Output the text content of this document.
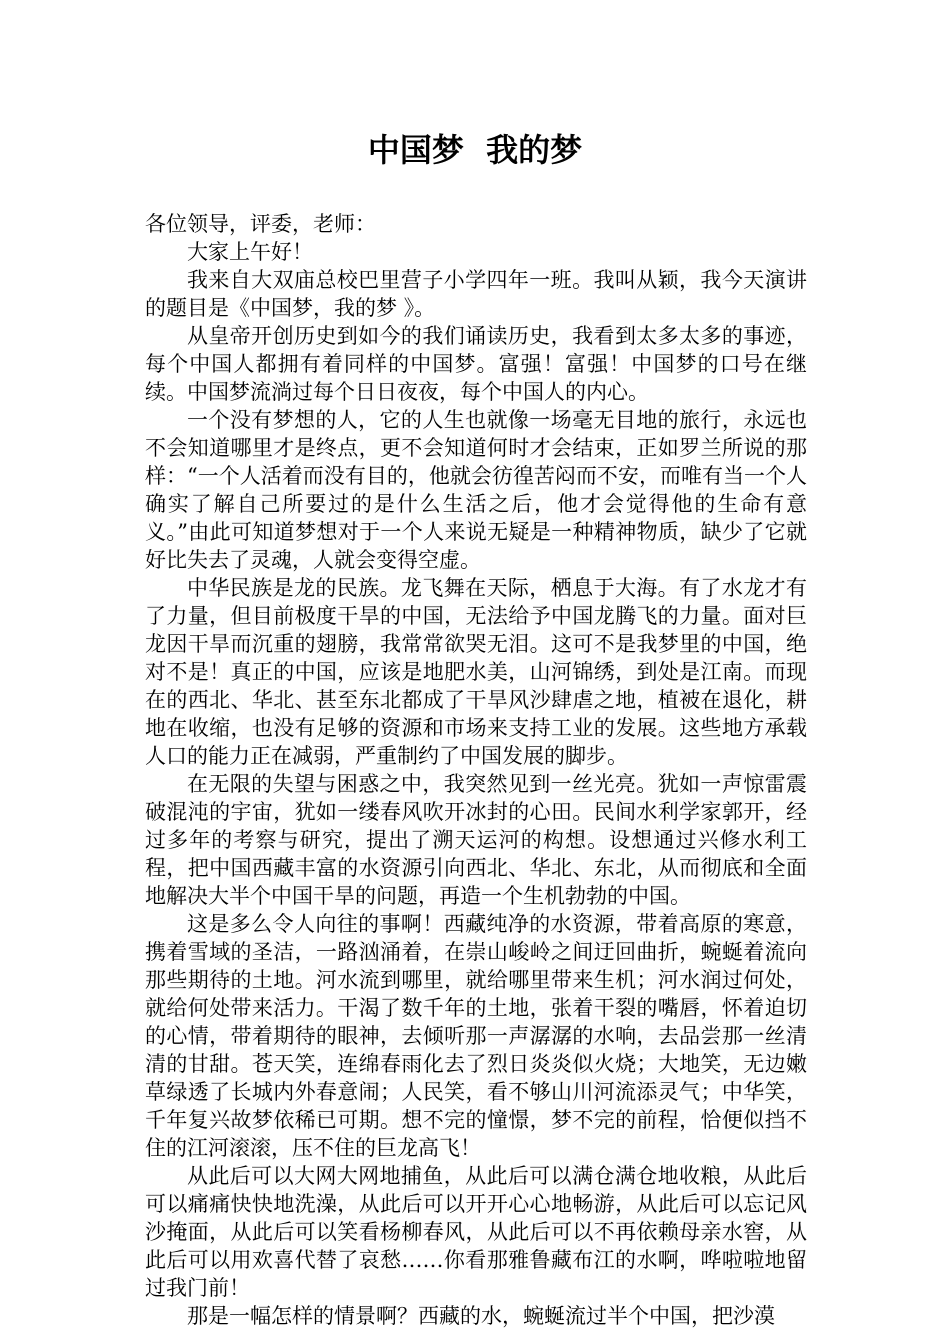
中国梦  我的梦

各位领导，评委，老师：

大家上午好！

我来自大双庙总校巴里营子小学四年一班。我叫从颖，我今天演讲的题目是《中国梦，我的梦 》。

从皇帝开创历史到如今的我们诵读历史，我看到太多太多的事迹，每个中国人都拥有着同样的中国梦。富强！富强！中国梦的口号在继续。中国梦流淌过每个日日夜夜，每个中国人的内心。

一个没有梦想的人，它的人生也就像一场毫无目地的旅行，永远也不会知道哪里才是终点，更不会知道何时才会结束，正如罗兰所说的那样：“一个人活着而没有目的，他就会彷徨苦闷而不安，而唯有当一个人确实了解自己所要过的是什么生活之后，他才会觉得他的生命有意义。”由此可知道梦想对于一个人来说无疑是一种精神物质，缺少了它就好比失去了灵魂，人就会变得空虚。

中华民族是龙的民族。龙飞舞在天际，栖息于大海。有了水龙才有了力量，但目前极度干旱的中国，无法给予中国龙腾飞的力量。面对巨龙因干旱而沉重的翅膀，我常常欲哭无泪。这可不是我梦里的中国，绝对不是！真正的中国，应该是地肥水美，山河锦绣，到处是江南。而现在的西北、华北、甚至东北都成了干旱风沙肆虐之地，植被在退化，耕地在收缩，也没有足够的资源和市场来支持工业的发展。这些地方承载人口的能力正在减弱，严重制约了中国发展的脚步。

在无限的失望与困惑之中，我突然见到一丝光亮。犹如一声惊雷震破混沌的宇宙，犹如一缕春风吹开冰封的心田。民间水利学家郭开，经过多年的考察与研究，提出了溯天运河的构想。设想通过兴修水利工程，把中国西藏丰富的水资源引向西北、华北、东北，从而彻底和全面地解决大半个中国干旱的问题，再造一个生机勃勃的中国。

这是多么令人向往的事啊！西藏纯净的水资源，带着高原的寒意，携着雪域的圣洁，一路汹涌着，在崇山峻岭之间迂回曲折，蜿蜒着流向那些期待的土地。河水流到哪里，就给哪里带来生机；河水润过何处，就给何处带来活力。干渴了数千年的土地，张着干裂的嘴唇，怀着迫切的心情，带着期待的眼神，去倾听那一声潺潺的水响，去品尝那一丝清清的甘甜。苍天笑，连绵春雨化去了烈日炎炎似火烧；大地笑，无边嫩草绿透了长城内外春意闹；人民笑，看不够山川河流添灵气；中华笑，千年复兴故梦依稀已可期。想不完的憧憬，梦不完的前程，恰便似挡不住的江河滚滚，压不住的巨龙高飞！

从此后可以大网大网地捕鱼，从此后可以满仓满仓地收粮，从此后可以痛痛快快地洗澡，从此后可以开开心心地畅游，从此后可以忘记风沙掩面，从此后可以笑看杨柳春风，从此后可以不再依赖母亲水窖，从此后可以用欢喜代替了哀愁……你看那雅鲁藏布江的水啊，哗啦啦地留过我门前！

那是一幅怎样的情景啊？西藏的水，蜿蜒流过半个中国，把沙漠
